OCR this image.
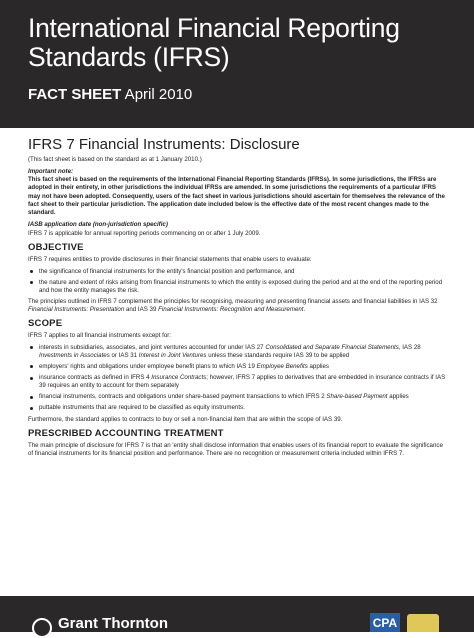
International Financial Reporting Standards (IFRS)
FACT SHEET April 2010
IFRS 7 Financial Instruments: Disclosure
(This fact sheet is based on the standard as at 1 January 2010.)
Important note:
This fact sheet is based on the requirements of the International Financial Reporting Standards (IFRSs). In some jurisdictions, the IFRSs are adopted in their entirety, in other jurisdictions the individual IFRSs are amended. In some jurisdictions the requirements of a particular IFRS may not have been adopted. Consequently, users of the fact sheet in various jurisdictions should ascertain for themselves the relevance of the fact sheet to their particular jurisdiction. The application date included below is the effective date of the most recent changes made to the standard.
IASB application date (non-jurisdiction specific)
IFRS 7 is applicable for annual reporting periods commencing on or after 1 July 2009.
OBJECTIVE
IFRS 7 requires entities to provide disclosures in their financial statements that enable users to evaluate:
the significance of financial instruments for the entity's financial position and performance, and
the nature and extent of risks arising from financial instruments to which the entity is exposed during the period and at the end of the reporting period and how the entity manages the risk.
The principles outlined in IFRS 7 complement the principles for recognising, measuring and presenting financial assets and financial liabilities in IAS 32 Financial Instruments: Presentation and IAS 39 Financial Instruments: Recognition and Measurement.
SCOPE
IFRS 7 applies to all financial instruments except for:
interests in subsidiaries, associates, and joint ventures accounted for under IAS 27 Consolidated and Separate Financial Statements, IAS 28 Investments in Associates or IAS 31 Interest in Joint Ventures unless these standards require IAS 39 to be applied
employers' rights and obligations under employee benefit plans to which IAS 19 Employee Benefits applies
insurance contracts as defined in IFRS 4 Insurance Contracts; however, IFRS 7 applies to derivatives that are embedded in insurance contracts if IAS 39 requires an entity to account for them separately
financial instruments, contracts and obligations under share-based payment transactions to which IFRS 2 Share-based Payment applies
puttable instruments that are required to be classified as equity instruments.
Furthermore, the standard applies to contracts to buy or sell a non-financial item that are within the scope of IAS 39.
PRESCRIBED ACCOUNTING TREATMENT
The main principle of disclosure for IFRS 7 is that an 'entity shall disclose information that enables users of its financial report to evaluate the significance of financial instruments for its financial position and performance. There are no recognition or measurement criteria included within IFRS 7.
Grant Thornton	CPA
